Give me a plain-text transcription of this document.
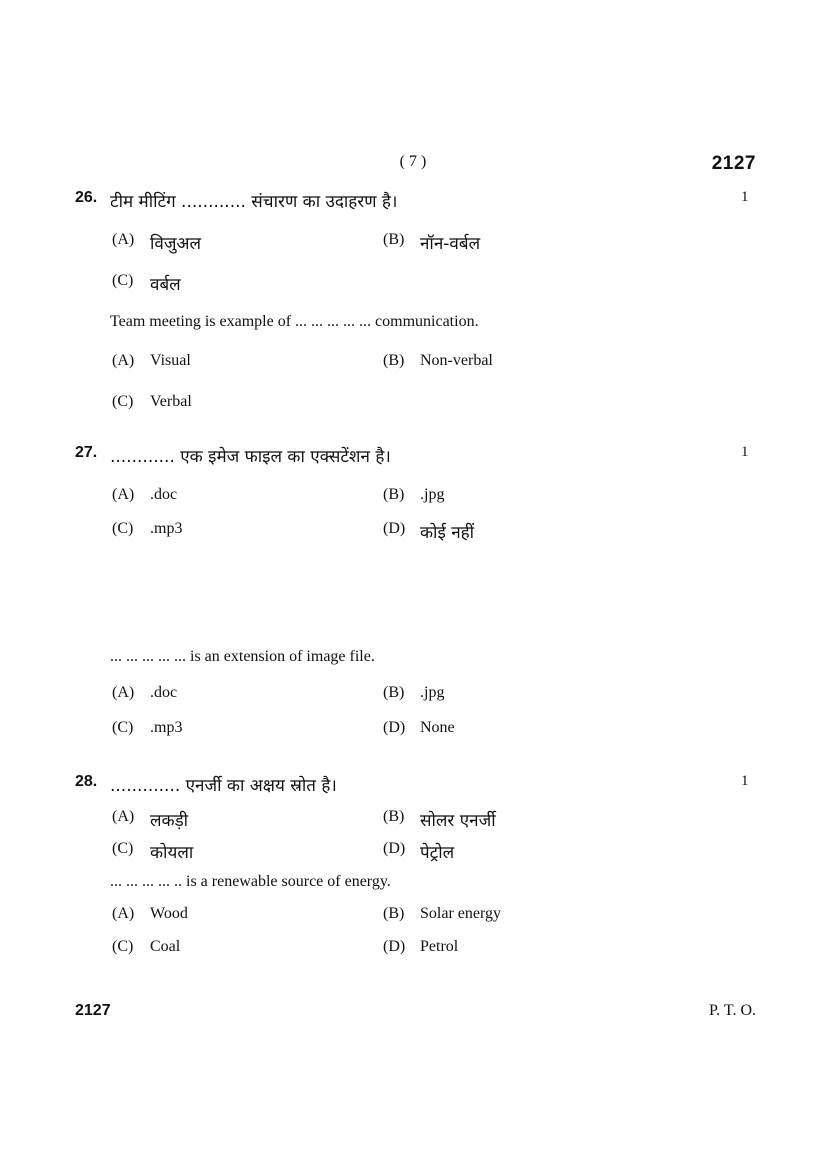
( 7 )	2127
26. टीम मीटिंग ............ संचारण का उदाहरण है।	1
(A) विजुअल	(B) नॉन-वर्बल
(C) वर्बल
Team meeting is example of ... ... ... ... ... communication.
(A) Visual	(B) Non-verbal
(C) Verbal
27. ............ एक इमेज फाइल का एक्सटेंशन है।	1
(A) .doc	(B) .jpg
(C) .mp3	(D) कोई नहीं
... ... ... ... ... is an extension of image file.
(A) .doc	(B) .jpg
(C) .mp3	(D) None
28. ............. एनर्जी का अक्षय स्रोत है।	1
(A) लकड़ी	(B) सोलर एनर्जी
(C) कोयला	(D) पेट्रोल
... ... ... ... .. is a renewable source of energy.
(A) Wood	(B) Solar energy
(C) Coal	(D) Petrol
2127	P. T. O.
